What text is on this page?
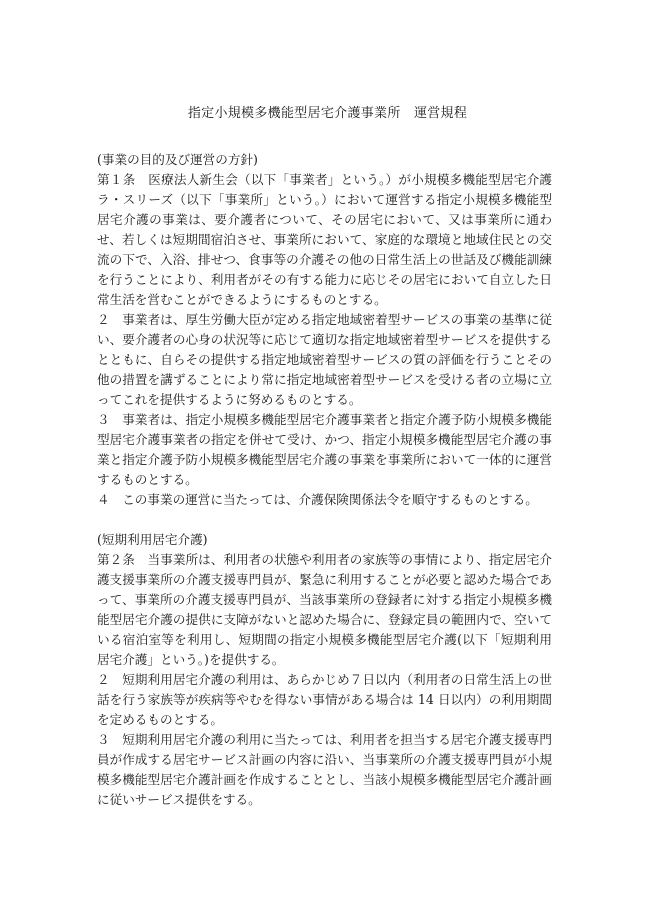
指定小規模多機能型居宅介護事業所　運営規程

(事業の目的及び運営の方針)

第１条　医療法人新生会（以下「事業者」という。）が小規模多機能型居宅介護ラ・スリーズ（以下「事業所」という。）において運営する指定小規模多機能型居宅介護の事業は、要介護者について、その居宅において、又は事業所に通わせ、若しくは短期間宿泊させ、事業所において、家庭的な環境と地域住民との交流の下で、入浴、排せつ、食事等の介護その他の日常生活上の世話及び機能訓練を行うことにより、利用者がその有する能力に応じその居宅において自立した日常生活を営むことができるようにするものとする。

２　事業者は、厚生労働大臣が定める指定地域密着型サービスの事業の基準に従い、要介護者の心身の状況等に応じて適切な指定地域密着型サービスを提供するとともに、自らその提供する指定地域密着型サービスの質の評価を行うことその他の措置を講ずることにより常に指定地域密着型サービスを受ける者の立場に立ってこれを提供するように努めるものとする。

３　事業者は、指定小規模多機能型居宅介護事業者と指定介護予防小規模多機能型居宅介護事業者の指定を併せて受け、かつ、指定小規模多機能型居宅介護の事業と指定介護予防小規模多機能型居宅介護の事業を事業所において一体的に運営するものとする。

４　この事業の運営に当たっては、介護保険関係法令を順守するものとする。

(短期利用居宅介護)

第２条　当事業所は、利用者の状態や利用者の家族等の事情により、指定居宅介護支援事業所の介護支援専門員が、緊急に利用することが必要と認めた場合であって、事業所の介護支援専門員が、当該事業所の登録者に対する指定小規模多機能型居宅介護の提供に支障がないと認めた場合に、登録定員の範囲内で、空いている宿泊室等を利用し、短期間の指定小規模多機能型居宅介護(以下「短期利用居宅介護」という。)を提供する。

２　短期利用居宅介護の利用は、あらかじめ７日以内（利用者の日常生活上の世話を行う家族等が疾病等やむを得ない事情がある場合は 14 日以内）の利用期間を定めるものとする。

３　短期利用居宅介護の利用に当たっては、利用者を担当する居宅介護支援専門員が作成する居宅サービス計画の内容に沿い、当事業所の介護支援専門員が小規模多機能型居宅介護計画を作成することとし、当該小規模多機能型居宅介護計画に従いサービス提供をする。
